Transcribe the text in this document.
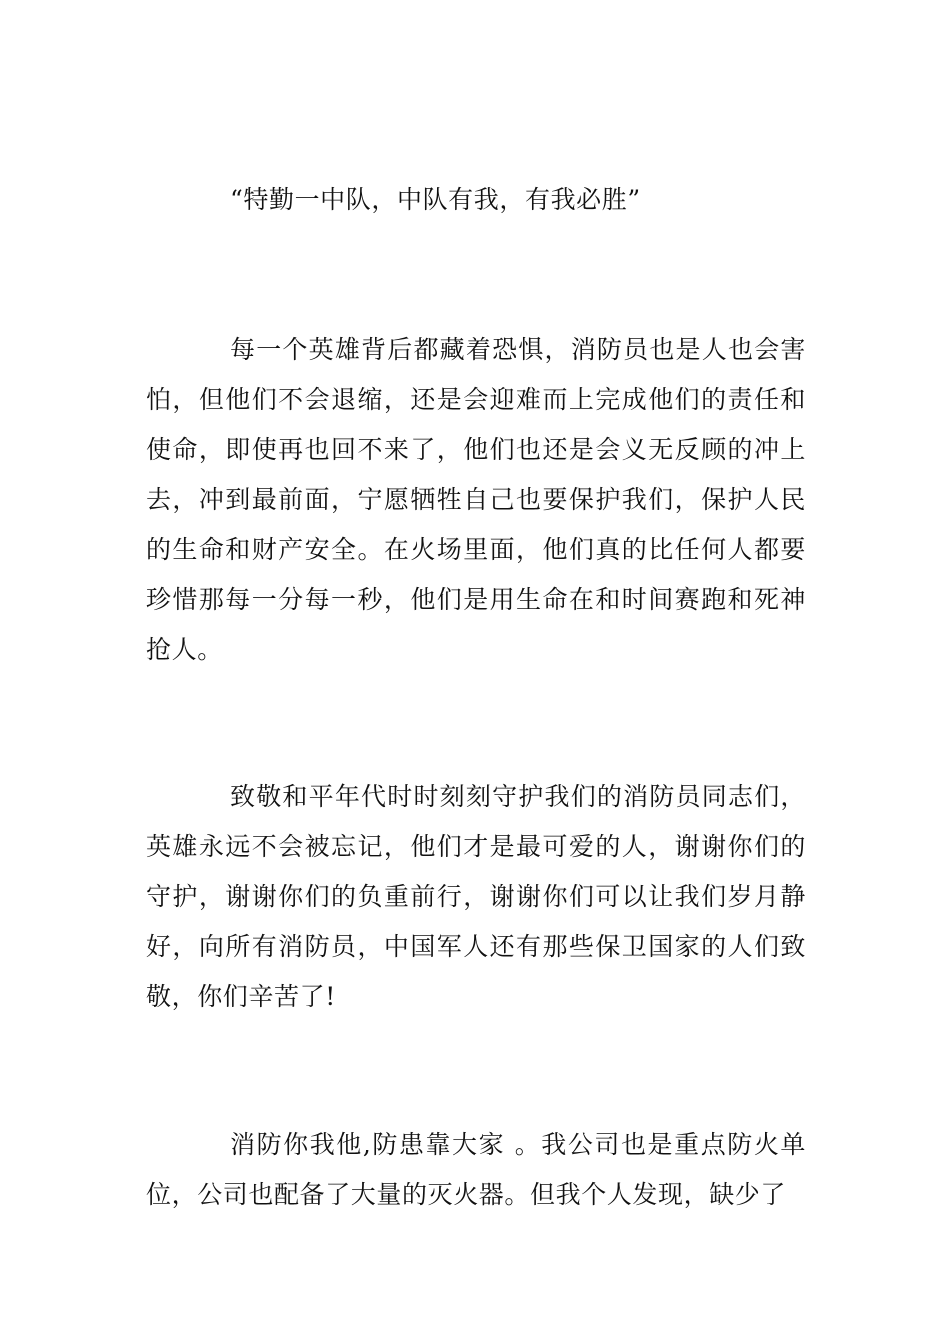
“特勤一中队，中队有我，有我必胜”

每一个英雄背后都藏着恐惧，消防员也是人也会害怕，但他们不会退缩，还是会迎难而上完成他们的责任和使命，即使再也回不来了，他们也还是会义无反顾的冲上去，冲到最前面，宁愿牺牲自己也要保护我们，保护人民的生命和财产安全。在火场里面，他们真的比任何人都要珍惜那每一分每一秒，他们是用生命在和时间赛跑和死神抢人。

致敬和平年代时时刻刻守护我们的消防员同志们，英雄永远不会被忘记，他们才是最可爱的人，谢谢你们的守护，谢谢你们的负重前行，谢谢你们可以让我们岁月静好，向所有消防员，中国军人还有那些保卫国家的人们致敬，你们辛苦了!

消防你我他,防患靠大家 。我公司也是重点防火单位，公司也配备了大量的灭火器。但我个人发现，缺少了
